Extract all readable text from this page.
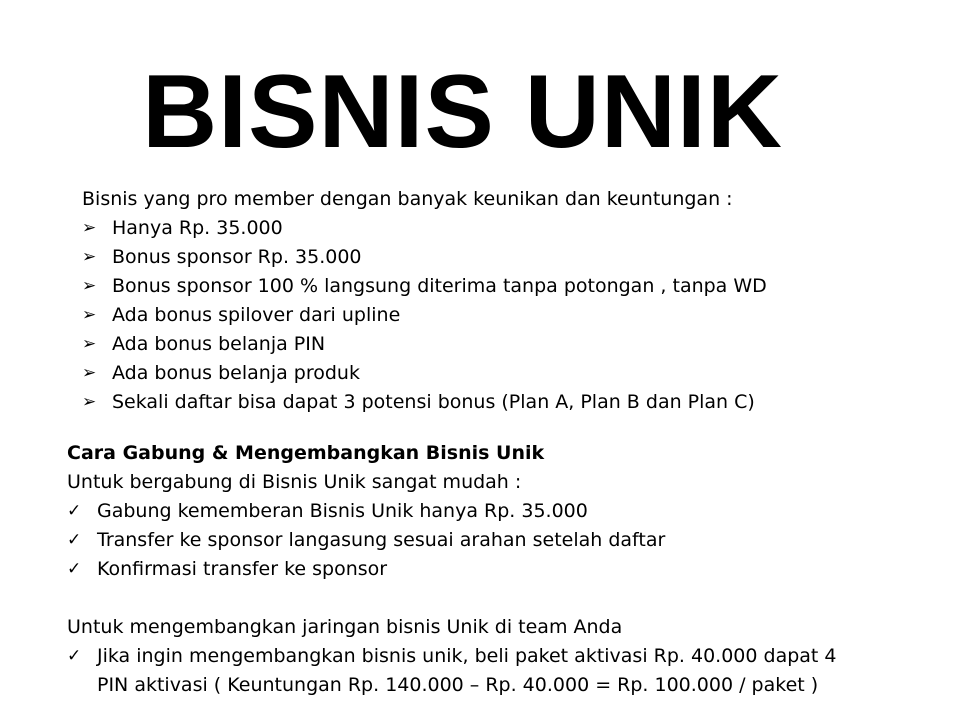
BISNIS UNIK
Bisnis yang pro member dengan banyak keunikan dan keuntungan :
➢ Hanya Rp. 35.000
➢ Bonus sponsor Rp. 35.000
➢ Bonus sponsor 100 % langsung diterima tanpa potongan , tanpa WD
➢ Ada bonus spilover dari upline
➢ Ada bonus belanja PIN
➢ Ada bonus belanja produk
➢ Sekali daftar bisa dapat 3 potensi bonus (Plan A, Plan B dan Plan C)
Cara Gabung & Mengembangkan Bisnis Unik
Untuk bergabung di Bisnis Unik sangat mudah :
✓ Gabung kememberan Bisnis Unik hanya Rp. 35.000
✓ Transfer ke sponsor langasung sesuai arahan setelah daftar
✓ Konfirmasi transfer ke sponsor
Untuk mengembangkan jaringan bisnis Unik di team Anda
✓ Jika ingin mengembangkan bisnis unik, beli paket aktivasi Rp. 40.000 dapat 4
PIN aktivasi ( Keuntungan Rp. 140.000 – Rp. 40.000 = Rp. 100.000 / paket )
